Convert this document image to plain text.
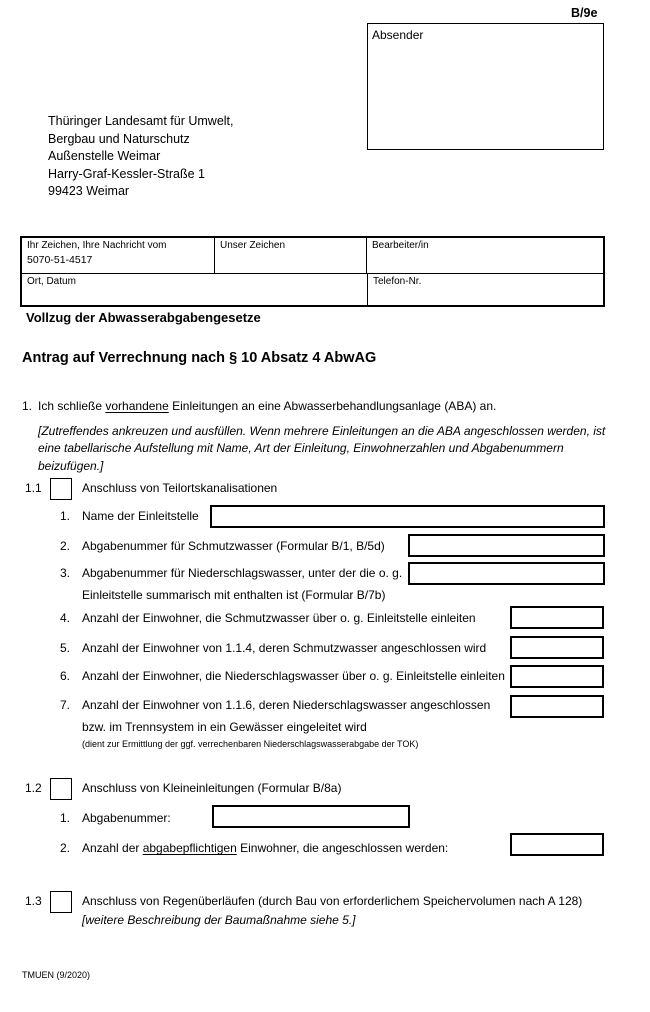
B/9e
Absender
Thüringer Landesamt für Umwelt,
Bergbau und Naturschutz
Außenstelle Weimar
Harry-Graf-Kessler-Straße 1
99423 Weimar
Ihr Zeichen, Ihre Nachricht vom
5070-51-4517
Unser Zeichen	Bearbeiter/in
Ort, Datum	Telefon-Nr.
Vollzug der Abwasserabgabengesetze
Antrag auf Verrechnung nach § 10 Absatz 4 AbwAG
1. Ich schließe vorhandene Einleitungen an eine Abwasserbehandlungsanlage (ABA) an.
[Zutreffendes ankreuzen und ausfüllen. Wenn mehrere Einleitungen an die ABA angeschlossen werden, ist eine tabellarische Aufstellung mit Name, Art der Einleitung, Einwohnerzahlen und Abgabenummern beizufügen.]
1.1	Anschluss von Teilortskanalisationen
1. Name der Einleitstelle
2. Abgabenummer für Schmutzwasser (Formular B/1, B/5d)
3. Abgabenummer für Niederschlagswasser, unter der die o. g.
Einleitstelle summarisch mit enthalten ist (Formular B/7b)
4. Anzahl der Einwohner, die Schmutzwasser über o. g. Einleitstelle einleiten
5. Anzahl der Einwohner von 1.1.4, deren Schmutzwasser angeschlossen wird
6. Anzahl der Einwohner, die Niederschlagswasser über o. g. Einleitstelle einleiten
7. Anzahl der Einwohner von 1.1.6, deren Niederschlagswasser angeschlossen
bzw. im Trennsystem in ein Gewässer eingeleitet wird
(dient zur Ermittlung der ggf. verrechenbaren Niederschlagswasserabgabe der TOK)
1.2	Anschluss von Kleineinleitungen (Formular B/8a)
1. Abgabenummer:
2. Anzahl der abgabepflichtigen Einwohner, die angeschlossen werden:
1.3	Anschluss von Regenüberläufen (durch Bau von erforderlichem Speichervolumen nach A 128)
[weitere Beschreibung der Baumaßnahme siehe 5.]
TMUEN (9/2020)
